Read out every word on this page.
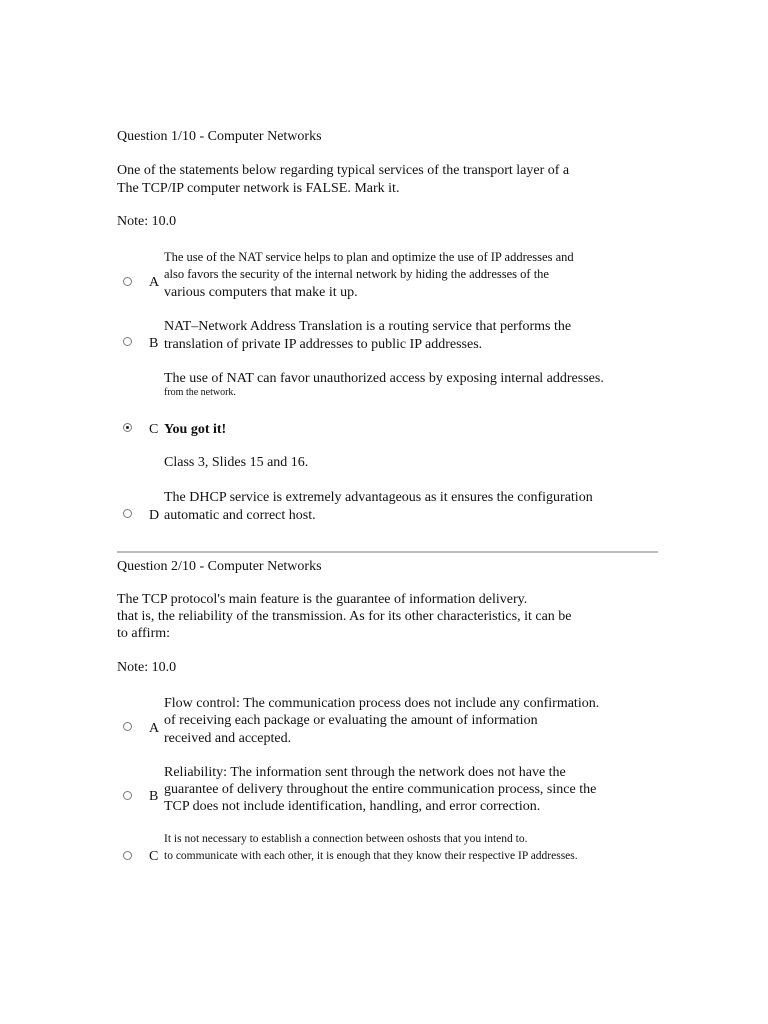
Question 1/10 - Computer Networks
One of the statements below regarding typical services of the transport layer of a
The TCP/IP computer network is FALSE. Mark it.
Note: 10.0
A
The use of the NAT service helps to plan and optimize the use of IP addresses and
also favors the security of the internal network by hiding the addresses of the
various computers that make it up.
B
NAT–Network Address Translation is a routing service that performs the
translation of private IP addresses to public IP addresses.
The use of NAT can favor unauthorized access by exposing internal addresses.
from the network.
C You got it!
Class 3, Slides 15 and 16.
D
The DHCP service is extremely advantageous as it ensures the configuration
automatic and correct host.
Question 2/10 - Computer Networks
The TCP protocol's main feature is the guarantee of information delivery.
that is, the reliability of the transmission. As for its other characteristics, it can be
to affirm:
Note: 10.0
A
Flow control: The communication process does not include any confirmation.
of receiving each package or evaluating the amount of information
received and accepted.
B
Reliability: The information sent through the network does not have the
guarantee of delivery throughout the entire communication process, since the
TCP does not include identification, handling, and error correction.
C
It is not necessary to establish a connection between oshosts that you intend to.
to communicate with each other, it is enough that they know their respective IP addresses.
